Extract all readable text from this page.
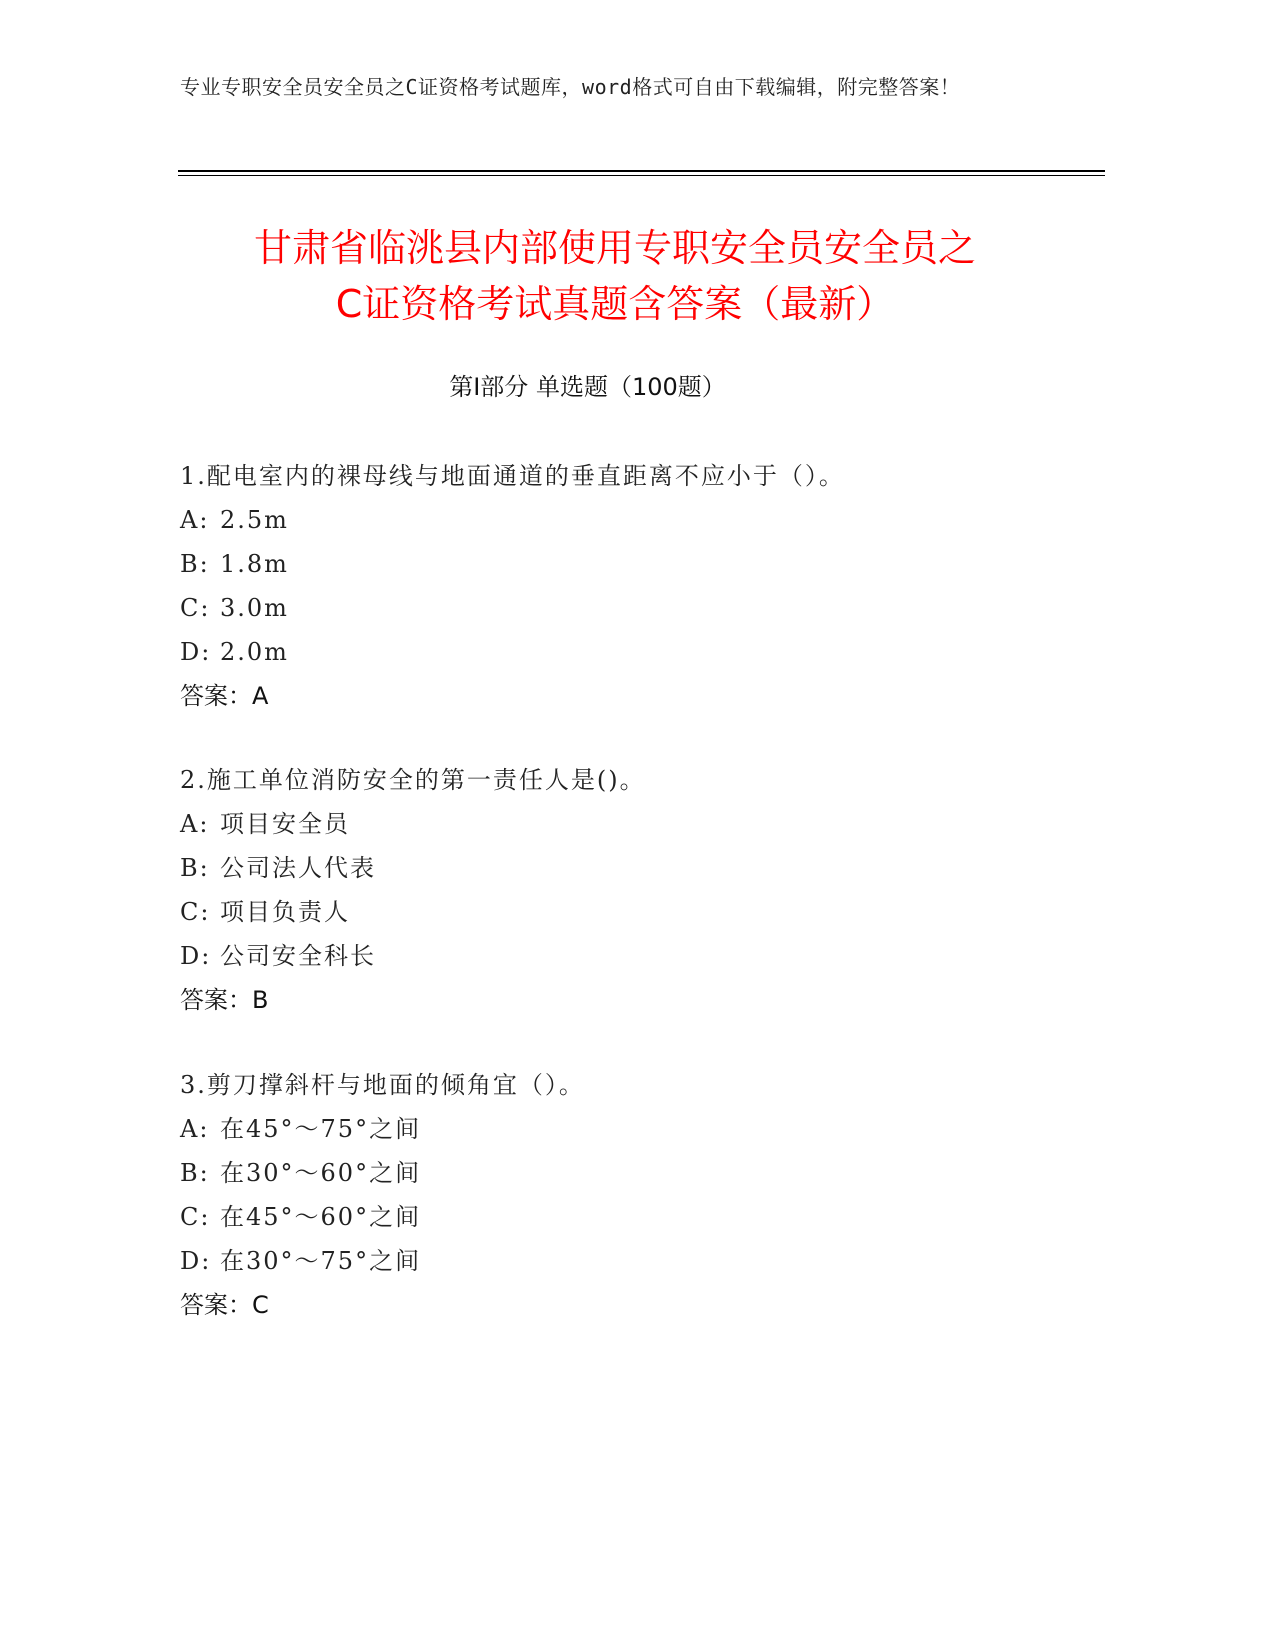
专业专职安全员安全员之C证资格考试题库，word格式可自由下载编辑，附完整答案！
甘肃省临洮县内部使用专职安全员安全员之
C证资格考试真题含答案（最新）
第Ⅰ部分 单选题（100题）
1.配电室内的裸母线与地面通道的垂直距离不应小于（）。
A: 2.5m
B: 1.8m
C: 3.0m
D: 2.0m
答案：A
2.施工单位消防安全的第一责任人是()。
A: 项目安全员
B: 公司法人代表
C: 项目负责人
D: 公司安全科长
答案：B
3.剪刀撑斜杆与地面的倾角宜（）。
A: 在45°～75°之间
B: 在30°～60°之间
C: 在45°～60°之间
D: 在30°～75°之间
答案：C
